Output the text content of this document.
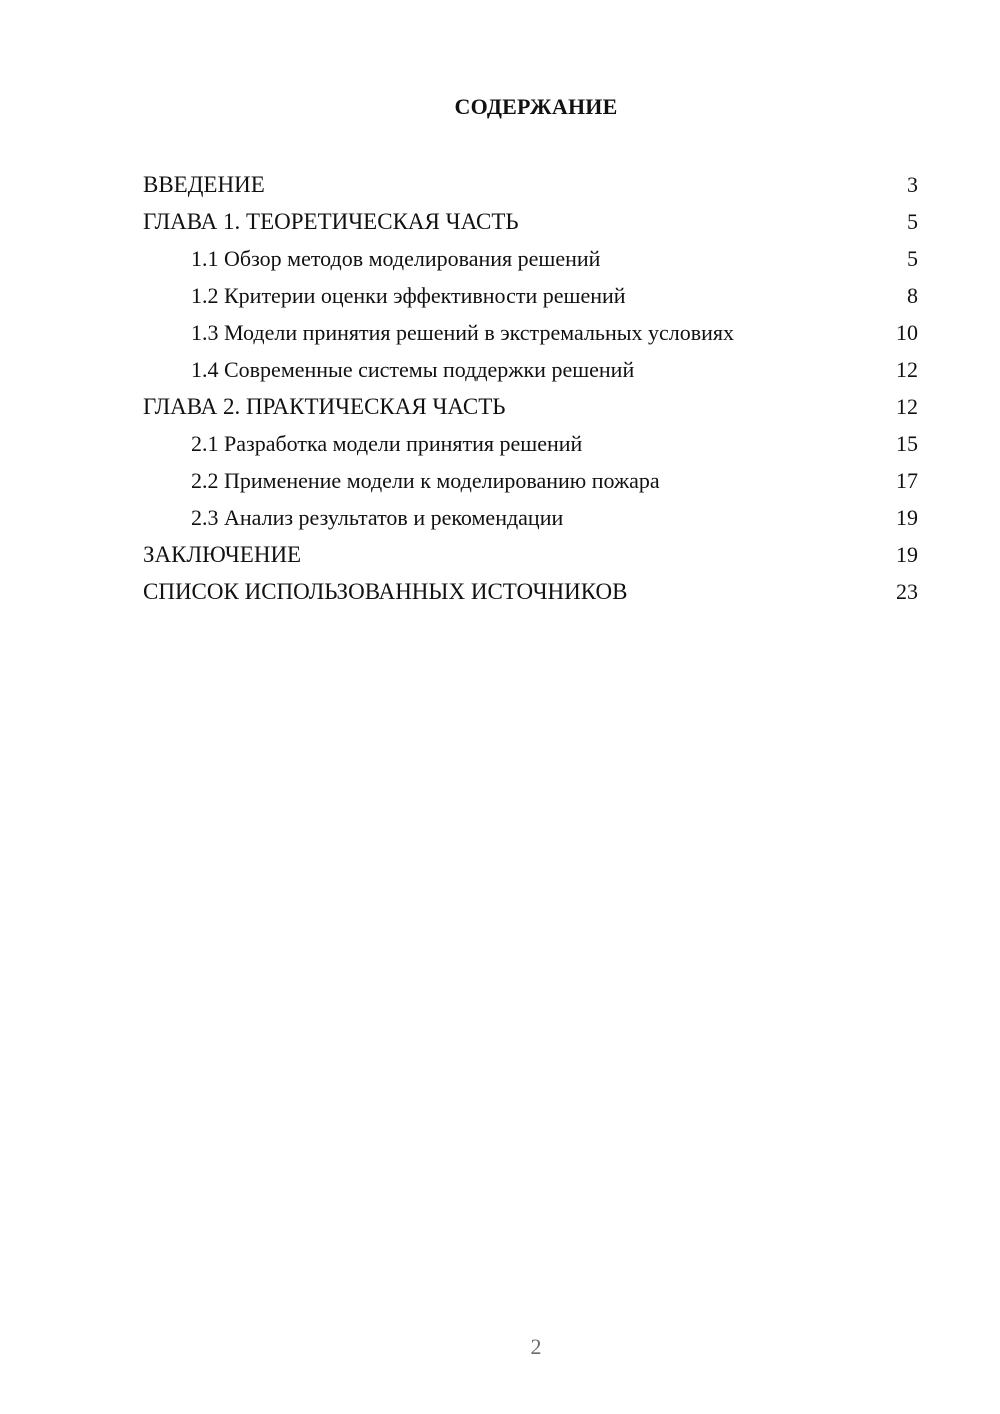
СОДЕРЖАНИЕ
ВВЕДЕНИЕ	3
ГЛАВА 1. ТЕОРЕТИЧЕСКАЯ ЧАСТЬ	5
1.1 Обзор методов моделирования решений	5
1.2 Критерии оценки эффективности решений	8
1.3 Модели принятия решений в экстремальных условиях	10
1.4 Современные системы поддержки решений	12
ГЛАВА 2. ПРАКТИЧЕСКАЯ ЧАСТЬ	12
2.1 Разработка модели принятия решений	15
2.2 Применение модели к моделированию пожара	17
2.3 Анализ результатов и рекомендации	19
ЗАКЛЮЧЕНИЕ	19
СПИСОК ИСПОЛЬЗОВАННЫХ ИСТОЧНИКОВ	23
2
